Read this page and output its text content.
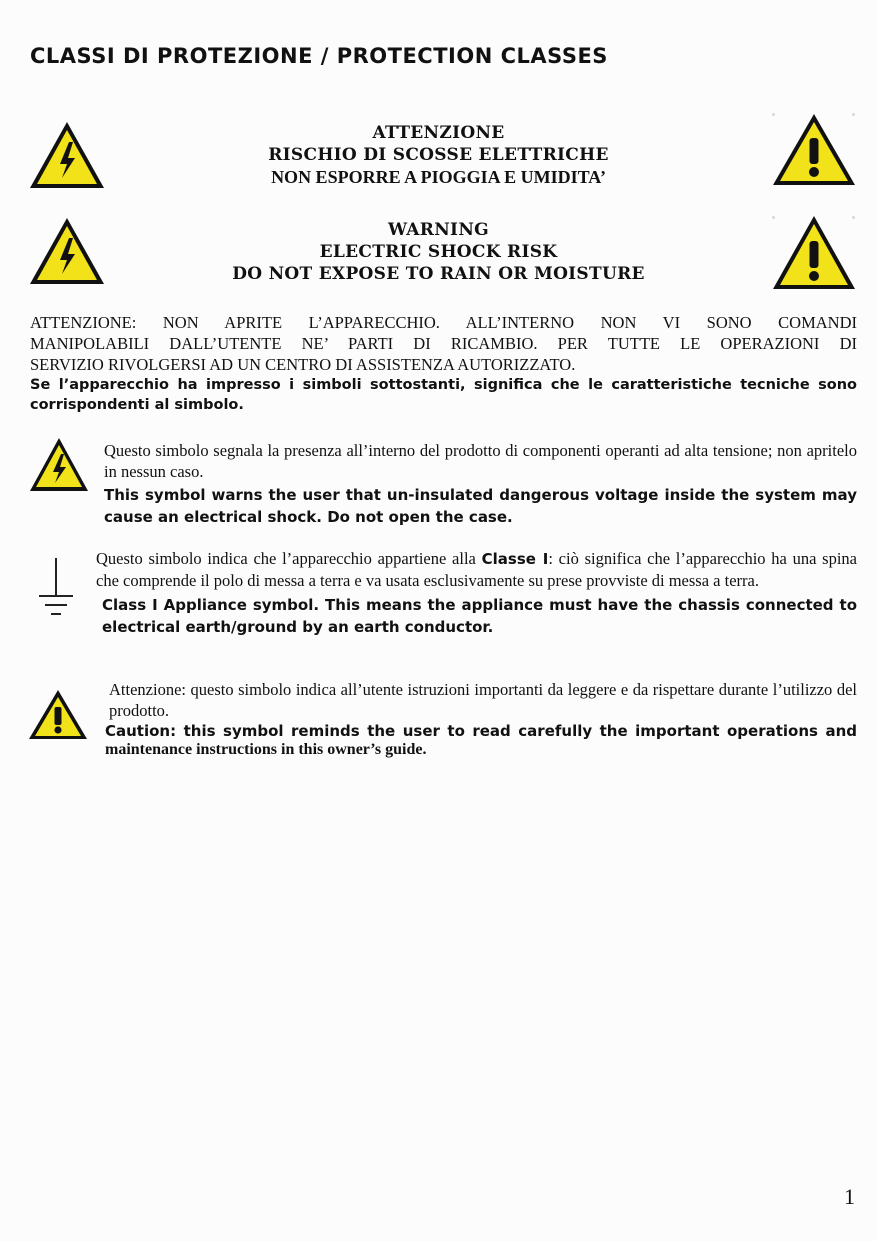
CLASSI DI PROTEZIONE / PROTECTION CLASSES
ATTENZIONE
RISCHIO DI SCOSSE ELETTRICHE
NON ESPORRE A PIOGGIA E UMIDITA’
WARNING
ELECTRIC SHOCK RISK
DO NOT EXPOSE TO RAIN OR MOISTURE
ATTENZIONE: NON APRITE L’APPARECCHIO. ALL’INTERNO NON VI SONO COMANDI
MANIPOLABILI DALL’UTENTE NE’ PARTI DI RICAMBIO. PER TUTTE LE OPERAZIONI DI
SERVIZIO RIVOLGERSI AD UN CENTRO DI ASSISTENZA AUTORIZZATO.
Se l’apparecchio ha impresso i simboli sottostanti, significa che le caratteristiche tecniche sono
corrispondenti al simbolo.
Questo simbolo segnala la presenza all’interno del prodotto di componenti operanti ad alta tensione; non apritelo in nessun caso.
This symbol warns the user that un-insulated dangerous voltage inside the system may cause an electrical shock. Do not open the case.
Questo simbolo indica che l’apparecchio appartiene alla Classe I: ciò significa che l’apparecchio ha una spina che comprende il polo di messa a terra e va usata esclusivamente su prese provviste di messa a terra.
Class I Appliance symbol. This means the appliance must have the chassis connected to electrical earth/ground by an earth conductor.
Attenzione: questo simbolo indica all’utente istruzioni importanti da leggere e da rispettare durante l’utilizzo del prodotto.
Caution: this symbol reminds the user to read carefully the important operations and
maintenance instructions in this owner’s guide.
1
